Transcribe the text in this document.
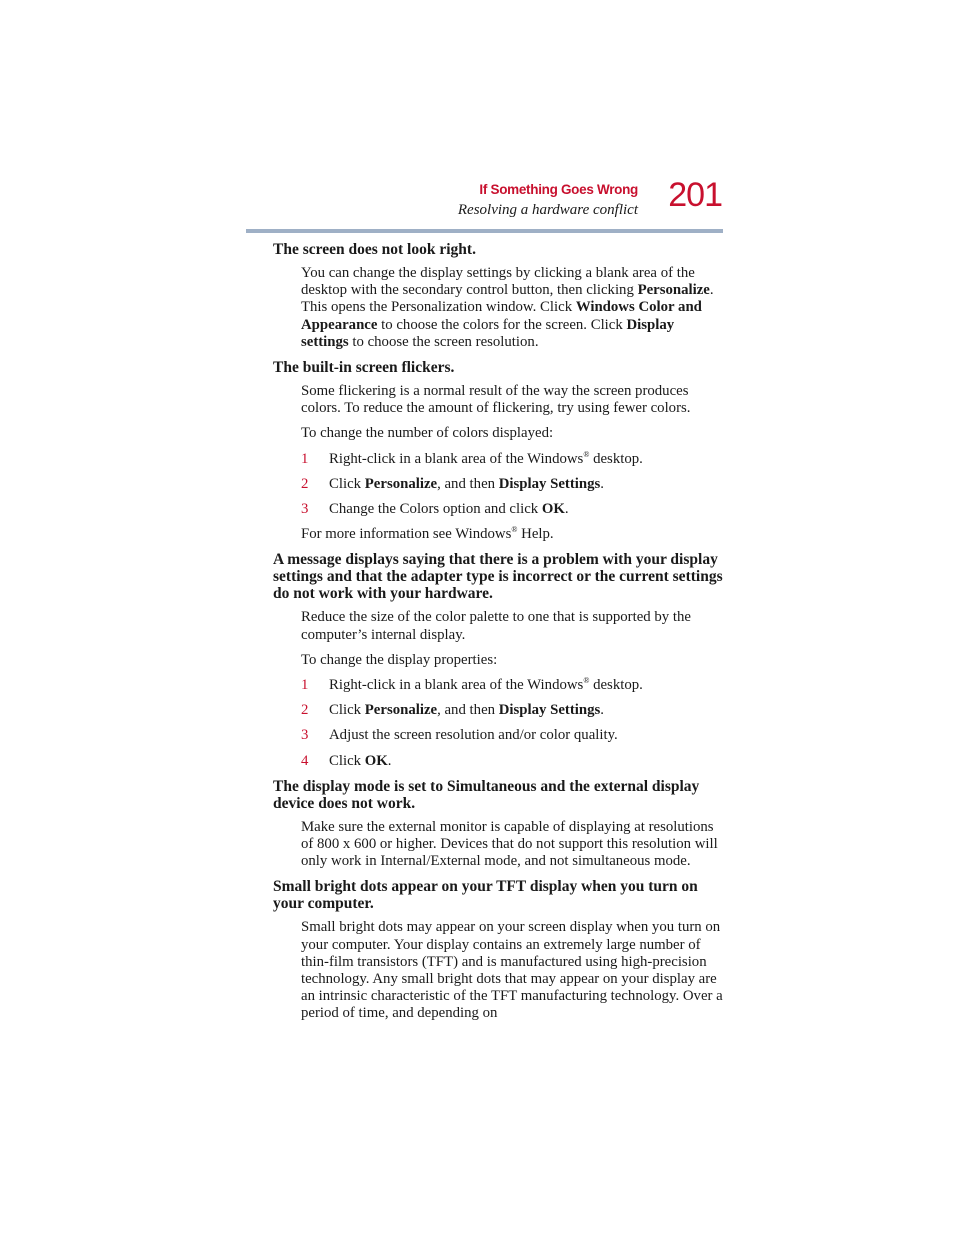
If Something Goes Wrong
Resolving a hardware conflict 201
The screen does not look right.
You can change the display settings by clicking a blank area of the desktop with the secondary control button, then clicking Personalize. This opens the Personalization window. Click Windows Color and Appearance to choose the colors for the screen. Click Display settings to choose the screen resolution.
The built-in screen flickers.
Some flickering is a normal result of the way the screen produces colors. To reduce the amount of flickering, try using fewer colors.
To change the number of colors displayed:
1 Right-click in a blank area of the Windows® desktop.
2 Click Personalize, and then Display Settings.
3 Change the Colors option and click OK.
For more information see Windows® Help.
A message displays saying that there is a problem with your display settings and that the adapter type is incorrect or the current settings do not work with your hardware.
Reduce the size of the color palette to one that is supported by the computer’s internal display.
To change the display properties:
1 Right-click in a blank area of the Windows® desktop.
2 Click Personalize, and then Display Settings.
3 Adjust the screen resolution and/or color quality.
4 Click OK.
The display mode is set to Simultaneous and the external display device does not work.
Make sure the external monitor is capable of displaying at resolutions of 800 x 600 or higher. Devices that do not support this resolution will only work in Internal/External mode, and not simultaneous mode.
Small bright dots appear on your TFT display when you turn on your computer.
Small bright dots may appear on your screen display when you turn on your computer. Your display contains an extremely large number of thin-film transistors (TFT) and is manufactured using high-precision technology. Any small bright dots that may appear on your display are an intrinsic characteristic of the TFT manufacturing technology. Over a period of time, and depending on
